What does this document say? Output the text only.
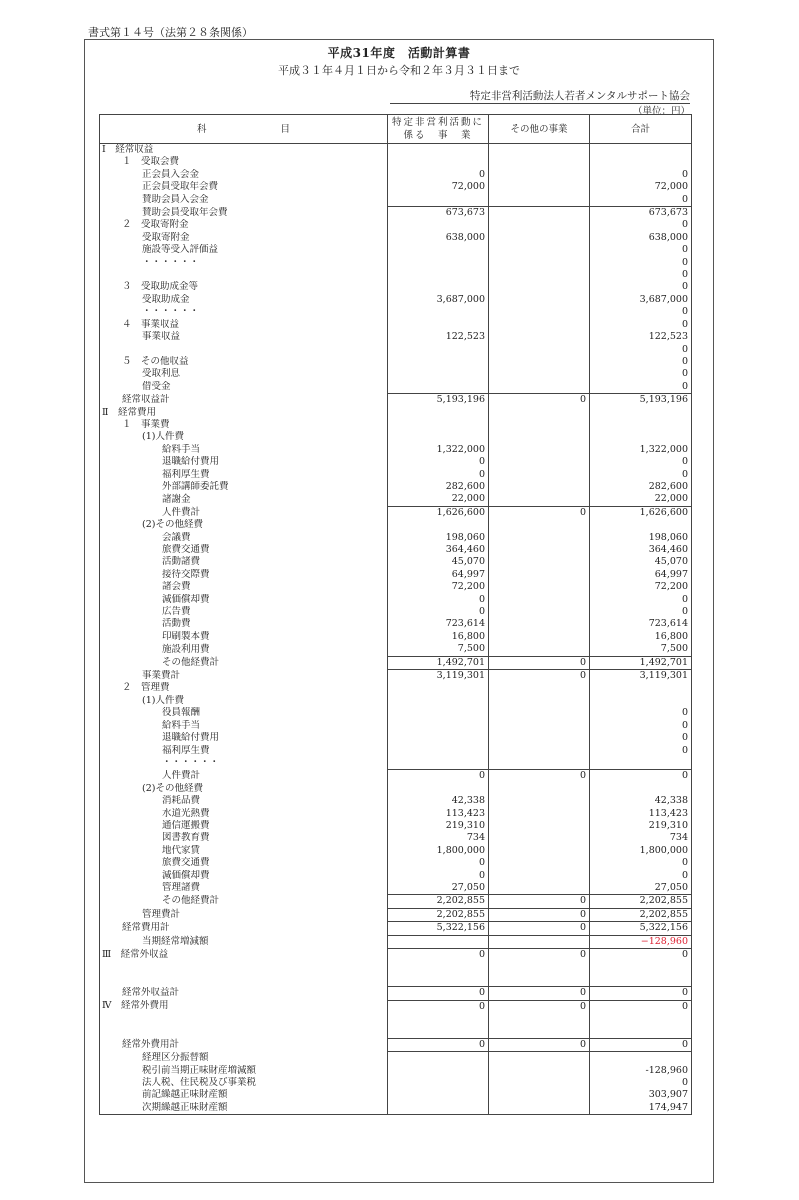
書式第１４号（法第２８条関係）
平成31年度　活動計算書
平成３１年４月１日から令和２年３月３１日まで
特定非営利活動法人若者メンタルサポート協会
（単位：円）
科 目	特定非営利活動に係る　事　業	その他の事業	合計
Ⅰ　経常収益			
１　受取会費			
正会員入会金	0		0
正会員受取年会費	72,000		72,000
賛助会員入会金			0
賛助会員受取年会費	673,673		673,673
２　受取寄附金			0
受取寄附金	638,000		638,000
施設等受入評価益			0
・・・・・・			0
			0
３　受取助成金等			0
受取助成金	3,687,000		3,687,000
・・・・・・			0
４　事業収益			0
事業収益	122,523		122,523
			0
５　その他収益			0
受取利息			0
借受金			0
経常収益計	5,193,196	0	5,193,196
Ⅱ　経常費用			
１　事業費			
(1)人件費			
給料手当	1,322,000		1,322,000
退職給付費用	0		0
福利厚生費	0		0
外部講師委託費	282,600		282,600
諸謝金	22,000		22,000
人件費計	1,626,600	0	1,626,600
(2)その他経費			
会議費	198,060		198,060
旅費交通費	364,460		364,460
活動諸費	45,070		45,070
接待交際費	64,997		64,997
諸会費	72,200		72,200
減価償却費	0		0
広告費	0		0
活動費	723,614		723,614
印刷製本費	16,800		16,800
施設利用費	7,500		7,500
その他経費計	1,492,701	0	1,492,701
事業費計	3,119,301	0	3,119,301
２　管理費			
(1)人件費			
役員報酬			0
給料手当			0
退職給付費用			0
福利厚生費			0
・・・・・・			
人件費計	0	0	0
(2)その他経費			
消耗品費	42,338		42,338
水道光熱費	113,423		113,423
通信運搬費	219,310		219,310
図書教育費	734		734
地代家賃	1,800,000		1,800,000
旅費交通費	0		0
減価償却費	0		0
管理諸費	27,050		27,050
その他経費計	2,202,855	0	2,202,855
管理費計	2,202,855	0	2,202,855
経常費用計	5,322,156	0	5,322,156
当期経常増減額			−128,960
Ⅲ　経常外収益	0	0	0

経常外収益計	0	0	0
Ⅳ　経常外費用	0	0	0

経常外費用計	0	0	0
経理区分振替額			
税引前当期正味財産増減額			-128,960
法人税、住民税及び事業税			0
前記繰越正味財産額			303,907
次期繰越正味財産額			174,947
